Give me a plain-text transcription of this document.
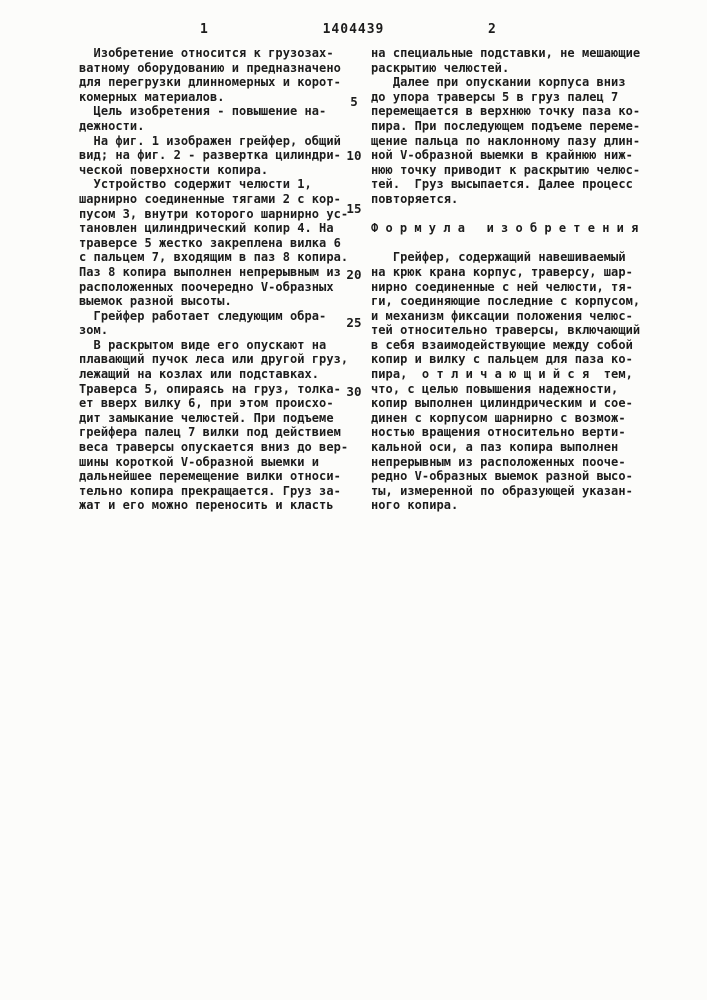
1404439
1	2
Изобретение относится к грузозах-
ватному оборудованию и предназначено
для перегрузки длинномерных и корот-
комерных материалов.
Цель изобретения - повышение на-
дежности.
На фиг. 1 изображен грейфер, общий
вид; на фиг. 2 - развертка цилиндри-
ческой поверхности копира.
Устройство содержит челюсти 1,
шарнирно соединенные тягами 2 с кор-
пусом 3, внутри которого шарнирно ус-
тановлен цилиндрический копир 4. На
траверсе 5 жестко закреплена вилка 6
с пальцем 7, входящим в паз 8 копира.
Паз 8 копира выполнен непрерывным из
расположенных поочередно V-образных
выемок разной высоты.
Грейфер работает следующим обра-
зом.
В раскрытом виде его опускают на
плавающий пучок леса или другой груз,
лежащий на козлах или подставках.
Траверса 5, опираясь на груз, толка-
ет вверх вилку 6, при этом происхо-
дит замыкание челюстей. При подъеме
грейфера палец 7 вилки под действием
веса траверсы опускается вниз до вер-
шины короткой V-образной выемки и
дальнейшее перемещение вилки относи-
тельно копира прекращается. Груз за-
жат и его можно переносить и класть
на специальные подставки, не мешающие
раскрытию челюстей.
Далее при опускании корпуса вниз
до упора траверсы 5 в груз палец 7
перемещается в верхнюю точку паза ко-
пира. При последующем подъеме переме-
щение пальца по наклонному пазу длин-
ной V-образной выемки в крайнюю ниж-
нюю точку приводит к раскрытию челюс-
тей.  Груз высыпается. Далее процесс
повторяется.
Ф о р м у л а   и з о б р е т е н и я
Грейфер, содержащий навешиваемый
на крюк крана корпус, траверсу, шар-
нирно соединенные с ней челюсти, тя-
ги, соединяющие последние с корпусом,
и механизм фиксации положения челюс-
тей относительно траверсы, включающий
в себя взаимодействующие между собой
копир и вилку с пальцем для паза ко-
пира,  о т л и ч а ю щ и й с я  тем,
что, с целью повышения надежности,
копир выполнен цилиндрическим и сое-
динен с корпусом шарнирно с возмож-
ностью вращения относительно верти-
кальной оси, а паз копира выполнен
непрерывным из расположенных пооче-
редно V-образных выемок разной высо-
ты, измеренной по образующей указан-
ного копира.
5
10
15
20
25
30
